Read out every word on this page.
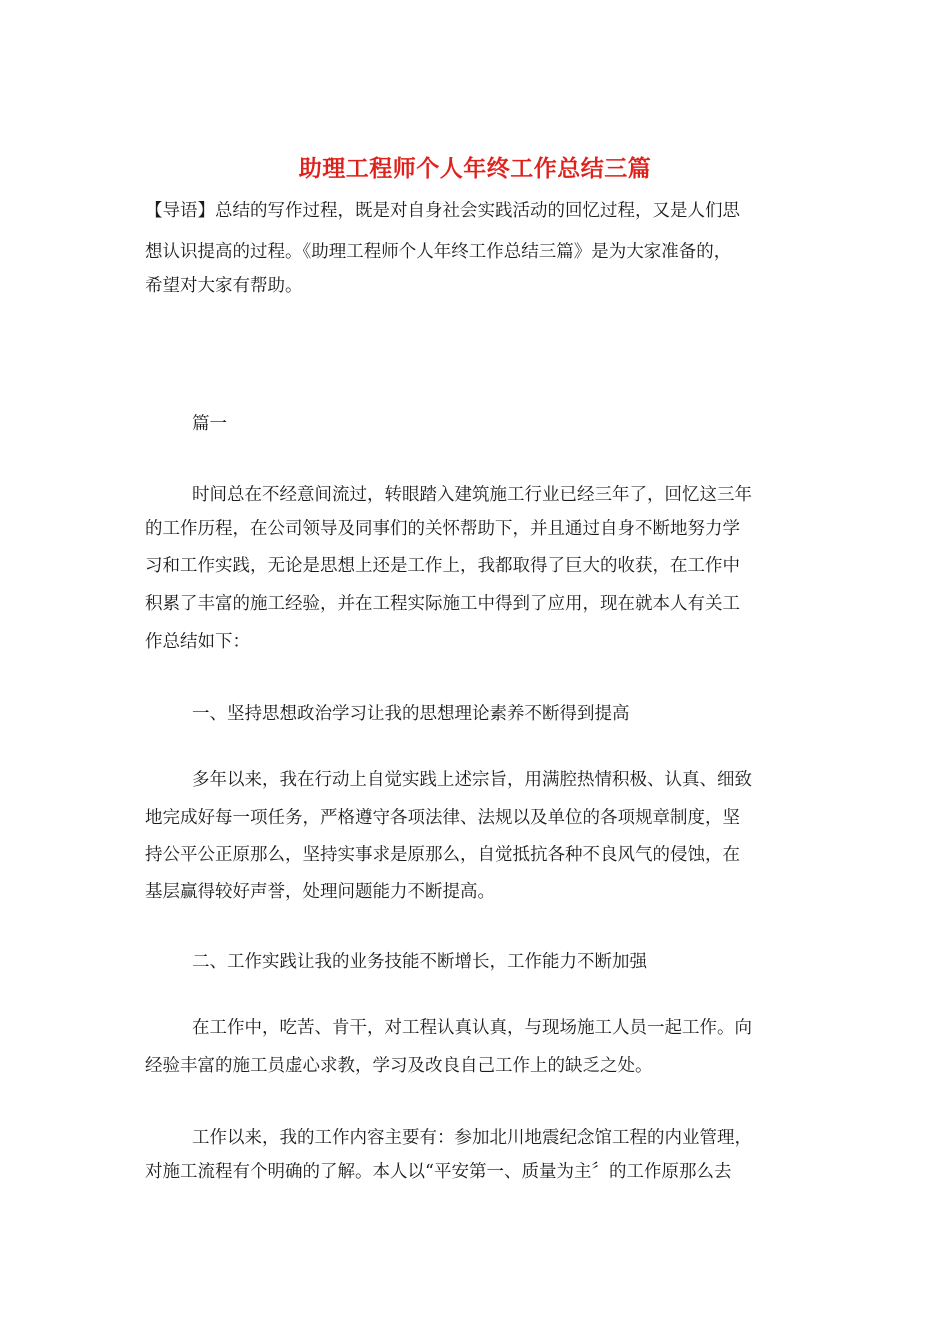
助理工程师个人年终工作总结三篇
【导语】总结的写作过程，既是对自身社会实践活动的回忆过程，又是人们思
想认识提高的过程。《助理工程师个人年终工作总结三篇》是为大家准备的，
希望对大家有帮助。
篇一
时间总在不经意间流过，转眼踏入建筑施工行业已经三年了，回忆这三年
的工作历程，在公司领导及同事们的关怀帮助下，并且通过自身不断地努力学
习和工作实践，无论是思想上还是工作上，我都取得了巨大的收获，在工作中
积累了丰富的施工经验，并在工程实际施工中得到了应用，现在就本人有关工
作总结如下：
一、坚持思想政治学习让我的思想理论素养不断得到提高
多年以来，我在行动上自觉实践上述宗旨，用满腔热情积极、认真、细致
地完成好每一项任务，严格遵守各项法律、法规以及单位的各项规章制度，坚
持公平公正原那么，坚持实事求是原那么，自觉抵抗各种不良风气的侵蚀，在
基层赢得较好声誉，处理问题能力不断提高。
二、工作实践让我的业务技能不断增长，工作能力不断加强
在工作中，吃苦、肯干，对工程认真认真，与现场施工人员一起工作。向
经验丰富的施工员虚心求教，学习及改良自己工作上的缺乏之处。
工作以来，我的工作内容主要有：参加北川地震纪念馆工程的内业管理，
对施工流程有个明确的了解。本人以“平安第一、质量为主〞的工作原那么去
